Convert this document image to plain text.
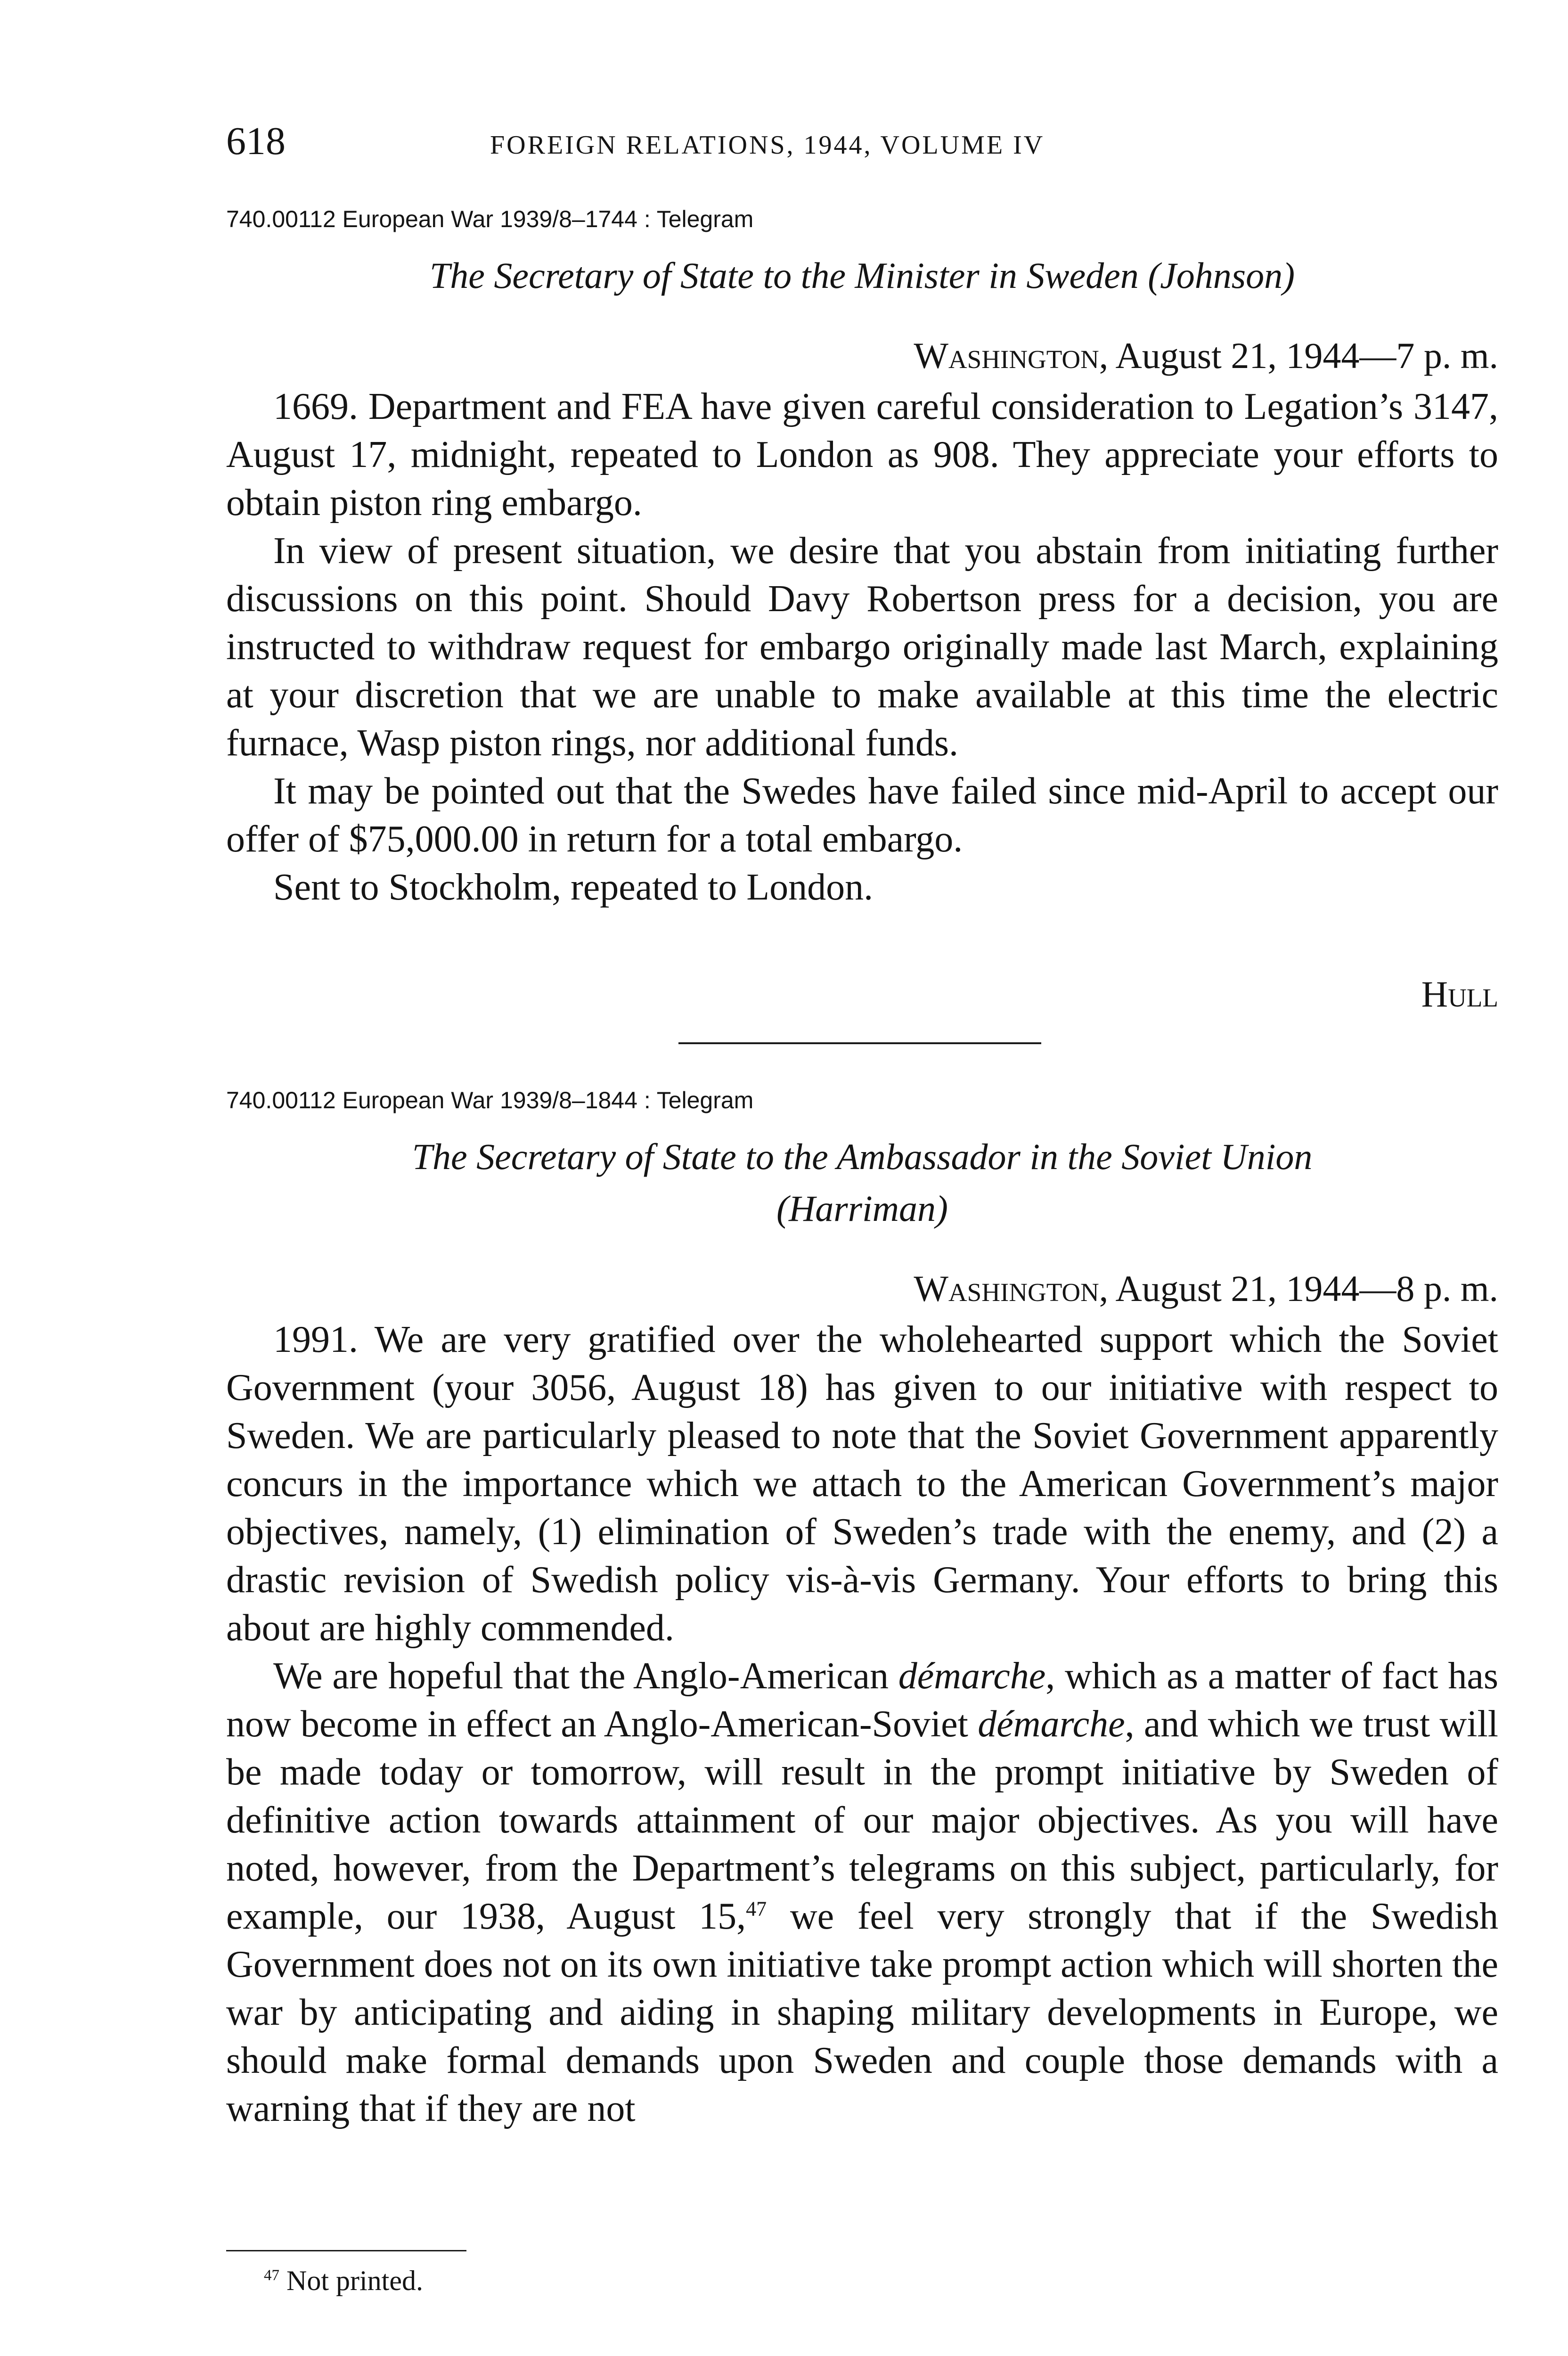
618	FOREIGN RELATIONS, 1944, VOLUME IV
740.00112 European War 1939/8–1744 : Telegram
The Secretary of State to the Minister in Sweden (Johnson)
Washington, August 21, 1944—7 p. m.

1669. Department and FEA have given careful consideration to Legation’s 3147, August 17, midnight, repeated to London as 908. They appreciate your efforts to obtain piston ring embargo.

In view of present situation, we desire that you abstain from initiating further discussions on this point. Should Davy Robertson press for a decision, you are instructed to withdraw request for embargo originally made last March, explaining at your discretion that we are unable to make available at this time the electric furnace, Wasp piston rings, nor additional funds.

It may be pointed out that the Swedes have failed since mid-April to accept our offer of $75,000.00 in return for a total embargo.

Sent to Stockholm, repeated to London.

Hull
740.00112 European War 1939/8–1844 : Telegram
The Secretary of State to the Ambassador in the Soviet Union
(Harriman)
Washington, August 21, 1944—8 p. m.

1991. We are very gratified over the wholehearted support which the Soviet Government (your 3056, August 18) has given to our initiative with respect to Sweden. We are particularly pleased to note that the Soviet Government apparently concurs in the importance which we attach to the American Government’s major objectives, namely, (1) elimination of Sweden’s trade with the enemy, and (2) a drastic revision of Swedish policy vis-à-vis Germany. Your efforts to bring this about are highly commended.

We are hopeful that the Anglo-American démarche, which as a matter of fact has now become in effect an Anglo-American-Soviet démarche, and which we trust will be made today or tomorrow, will result in the prompt initiative by Sweden of definitive action towards attainment of our major objectives. As you will have noted, however, from the Department’s telegrams on this subject, particularly, for example, our 1938, August 15,47 we feel very strongly that if the Swedish Government does not on its own initiative take prompt action which will shorten the war by anticipating and aiding in shaping military developments in Europe, we should make formal demands upon Sweden and couple those demands with a warning that if they are not

$^{47}$ Not printed.
